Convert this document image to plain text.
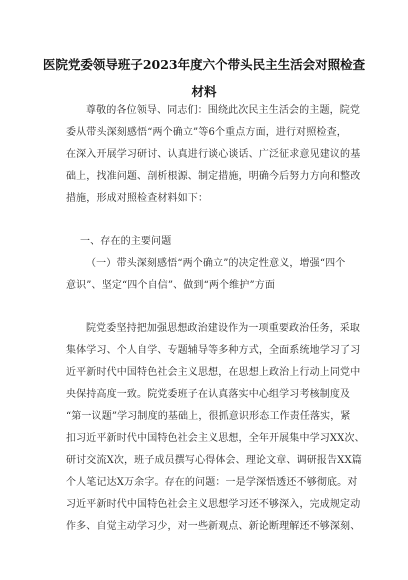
医院党委领导班子2023年度六个带头民主生活会对照检查
材料
尊敬的各位领导、同志们：围绕此次民主生活会的主题，院党
委从带头深刻感悟“两个确立”等6个重点方面，进行对照检查，
在深入开展学习研讨、认真进行谈心谈话、广泛征求意见建议的基
础上，找准问题、剖析根源、制定措施，明确今后努力方向和整改
措施，形成对照检查材料如下：
一、存在的主要问题
（一）带头深刻感悟“两个确立”的决定性意义，增强“四个
意识”、坚定“四个自信”、做到“两个维护”方面
院党委坚持把加强思想政治建设作为一项重要政治任务，采取
集体学习、个人自学、专题辅导等多种方式，全面系统地学习了习
近平新时代中国特色社会主义思想，在思想上政治上行动上同党中
央保持高度一致。院党委班子在认真落实中心组学习考核制度及
“第一议题”学习制度的基础上，很抓意识形态工作责任落实，紧
扣习近平新时代中国特色社会主义思想，全年开展集中学习XX次、
研讨交流X次，班子成员撰写心得体会、理论文章、调研报告XX篇
个人笔记达X万余字。存在的问题：一是学深悟透还不够彻底。对
习近平新时代中国特色社会主义思想学习还不够深入，完成规定动
作多、自觉主动学习少，对一些新观点、新论断理解还不够深刻、
